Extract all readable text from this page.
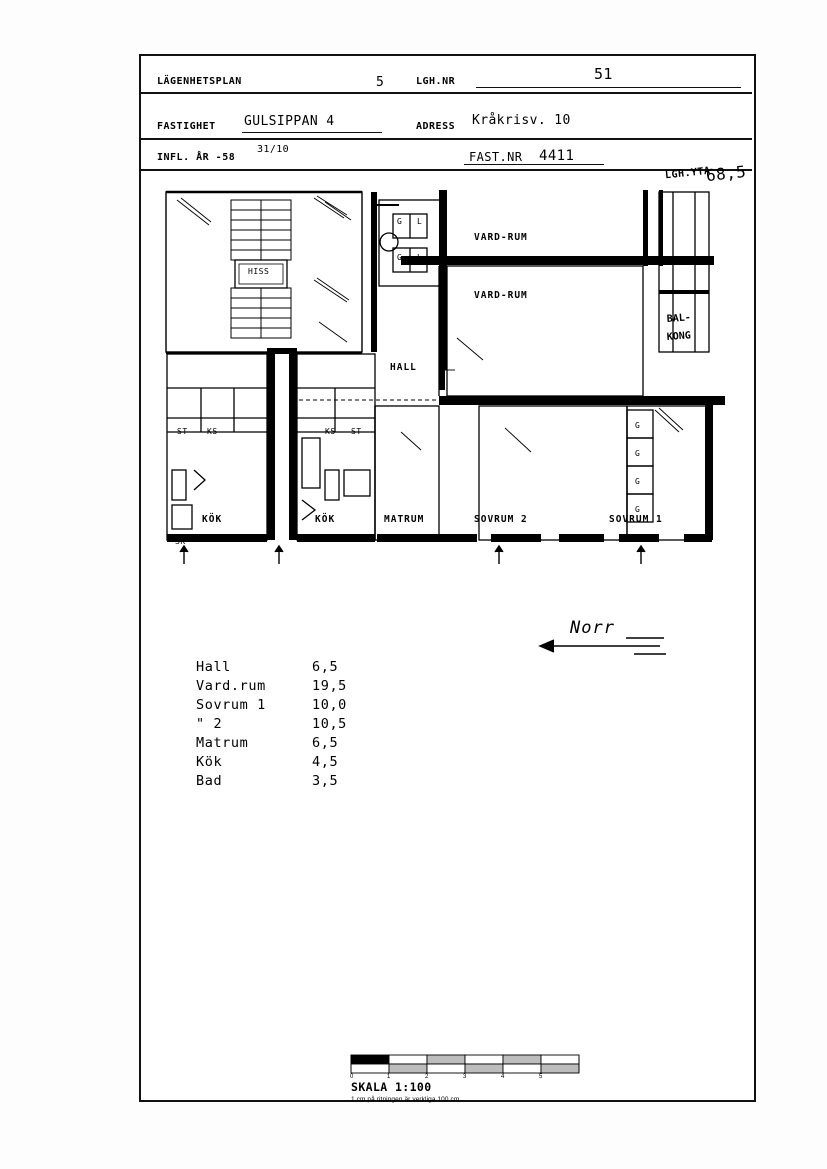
LÄGENHETSPLAN	5	LGH.NR	51
FASTIGHET GULSIPPAN 4	ADRESS Kråkrisv. 10
INFL. ÅR -58
31/10
FAST.NR 4411
LGH.YTA
68,5
VARD-RUM
VARD-RUM
HALL
KÖK	KÖK	MATRUM	SOVRUM 2	SOVRUM 1
HISS
ST KS	KS ST
SK
G L
G L
G
G
G
G
BAL-
KONG
Hall	6,5
Vard.rum	19,5
Sovrum 1	10,0
" 2	10,5
Matrum	6,5
Kök	4,5
Bad	3,5
Norr
0	1	2	3	4	5
SKALA 1:100
1 cm på ritningen är verkliga 100 cm
